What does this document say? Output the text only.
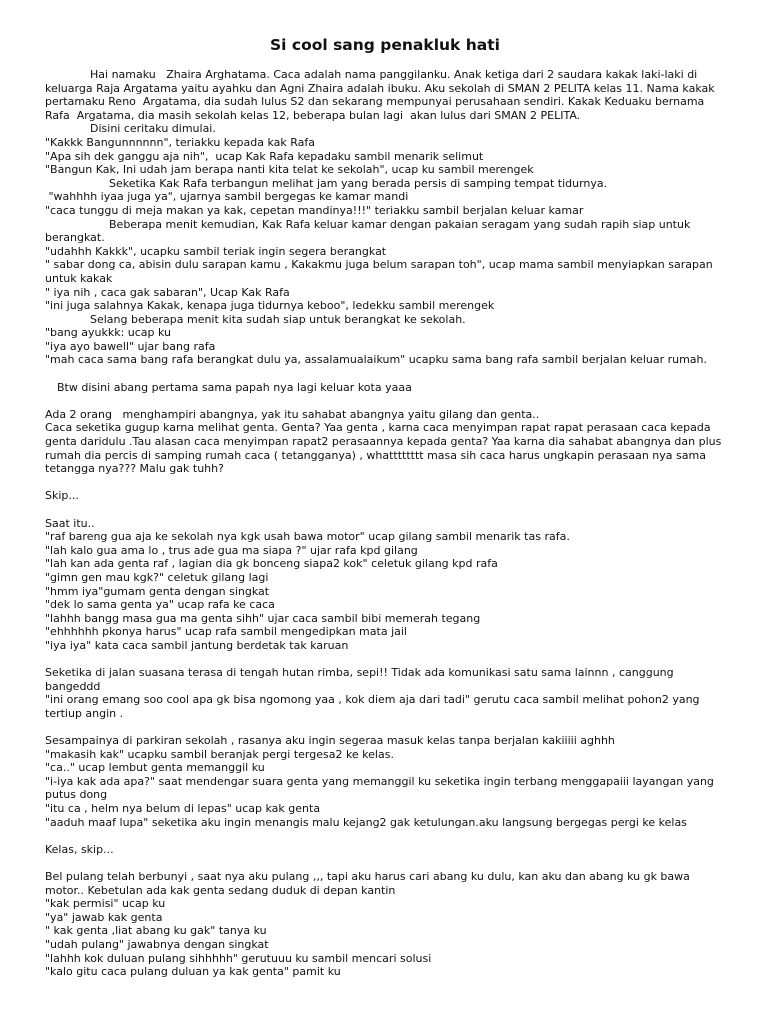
Si cool sang penakluk hati

Hai namaku   Zhaira Arghatama. Caca adalah nama panggilanku. Anak ketiga dari 2 saudara kakak laki-laki di keluarga Raja Argatama yaitu ayahku dan Agni Zhaira adalah ibuku. Aku sekolah di SMAN 2 PELITA kelas 11. Nama kakak pertamaku Reno  Argatama, dia sudah lulus S2 dan sekarang mempunyai perusahaan sendiri. Kakak Keduaku bernama Rafa  Argatama, dia masih sekolah kelas 12, beberapa bulan lagi  akan lulus dari SMAN 2 PELITA.

Disini ceritaku dimulai.

"Kakkk Bangunnnnnn", teriakku kepada kak Rafa

"Apa sih dek ganggu aja nih",  ucap Kak Rafa kepadaku sambil menarik selimut

"Bangun Kak, Ini udah jam berapa nanti kita telat ke sekolah", ucap ku sambil merengek

Seketika Kak Rafa terbangun melihat jam yang berada persis di samping tempat tidurnya.

"wahhhh iyaa juga ya", ujarnya sambil bergegas ke kamar mandi

"caca tunggu di meja makan ya kak, cepetan mandinya!!!" teriakku sambil berjalan keluar kamar

Beberapa menit kemudian, Kak Rafa keluar kamar dengan pakaian seragam yang sudah rapih siap untuk berangkat.

"udahhh Kakkk", ucapku sambil teriak ingin segera berangkat

" sabar dong ca, abisin dulu sarapan kamu , Kakakmu juga belum sarapan toh", ucap mama sambil menyiapkan sarapan untuk kakak

" iya nih , caca gak sabaran", Ucap Kak Rafa

"ini juga salahnya Kakak, kenapa juga tidurnya keboo", ledekku sambil merengek

Selang beberapa menit kita sudah siap untuk berangkat ke sekolah.

"bang ayukkk: ucap ku

"iya ayo bawell" ujar bang rafa

"mah caca sama bang rafa berangkat dulu ya, assalamualaikum" ucapku sama bang rafa sambil berjalan keluar rumah.

Btw disini abang pertama sama papah nya lagi keluar kota yaaa

Ada 2 orang   menghampiri abangnya, yak itu sahabat abangnya yaitu gilang dan genta..

Caca seketika gugup karna melihat genta. Genta? Yaa genta , karna caca menyimpan rapat rapat perasaan caca kepada genta daridulu .Tau alasan caca menyimpan rapat2 perasaannya kepada genta? Yaa karna dia sahabat abangnya dan plus rumah dia percis di samping rumah caca ( tetangganya) , whatttttttt masa sih caca harus ungkapin perasaan nya sama tetangga nya??? Malu gak tuhh?

Skip...

Saat itu..

"raf bareng gua aja ke sekolah nya kgk usah bawa motor" ucap gilang sambil menarik tas rafa.

"lah kalo gua ama lo , trus ade gua ma siapa ?" ujar rafa kpd gilang

"lah kan ada genta raf , lagian dia gk bonceng siapa2 kok" celetuk gilang kpd rafa

"gimn gen mau kgk?" celetuk gilang lagi

"hmm iya"gumam genta dengan singkat

"dek lo sama genta ya" ucap rafa ke caca

"lahhh bangg masa gua ma genta sihh" ujar caca sambil bibi memerah tegang

"ehhhhhh pkonya harus" ucap rafa sambil mengedipkan mata jail

"iya iya" kata caca sambil jantung berdetak tak karuan

Seketika di jalan suasana terasa di tengah hutan rimba, sepi!! Tidak ada komunikasi satu sama lainnn , canggung bangeddd

"ini orang emang soo cool apa gk bisa ngomong yaa , kok diem aja dari tadi" gerutu caca sambil melihat pohon2 yang tertiup angin .

Sesampainya di parkiran sekolah , rasanya aku ingin segeraa masuk kelas tanpa berjalan kakiiiii aghhh

"makasih kak" ucapku sambil beranjak pergi tergesa2 ke kelas.

"ca.." ucap lembut genta memanggil ku

"i-iya kak ada apa?" saat mendengar suara genta yang memanggil ku seketika ingin terbang menggapaiii layangan yang putus dong

"itu ca , helm nya belum di lepas" ucap kak genta

"aaduh maaf lupa" seketika aku ingin menangis malu kejang2 gak ketulungan.aku langsung bergegas pergi ke kelas

Kelas, skip...

Bel pulang telah berbunyi , saat nya aku pulang ,,, tapi aku harus cari abang ku dulu, kan aku dan abang ku gk bawa motor.. Kebetulan ada kak genta sedang duduk di depan kantin

"kak permisi" ucap ku

"ya" jawab kak genta

" kak genta ,liat abang ku gak" tanya ku

"udah pulang" jawabnya dengan singkat

"lahhh kok duluan pulang sihhhhh" gerutuuu ku sambil mencari solusi

"kalo gitu caca pulang duluan ya kak genta" pamit ku
